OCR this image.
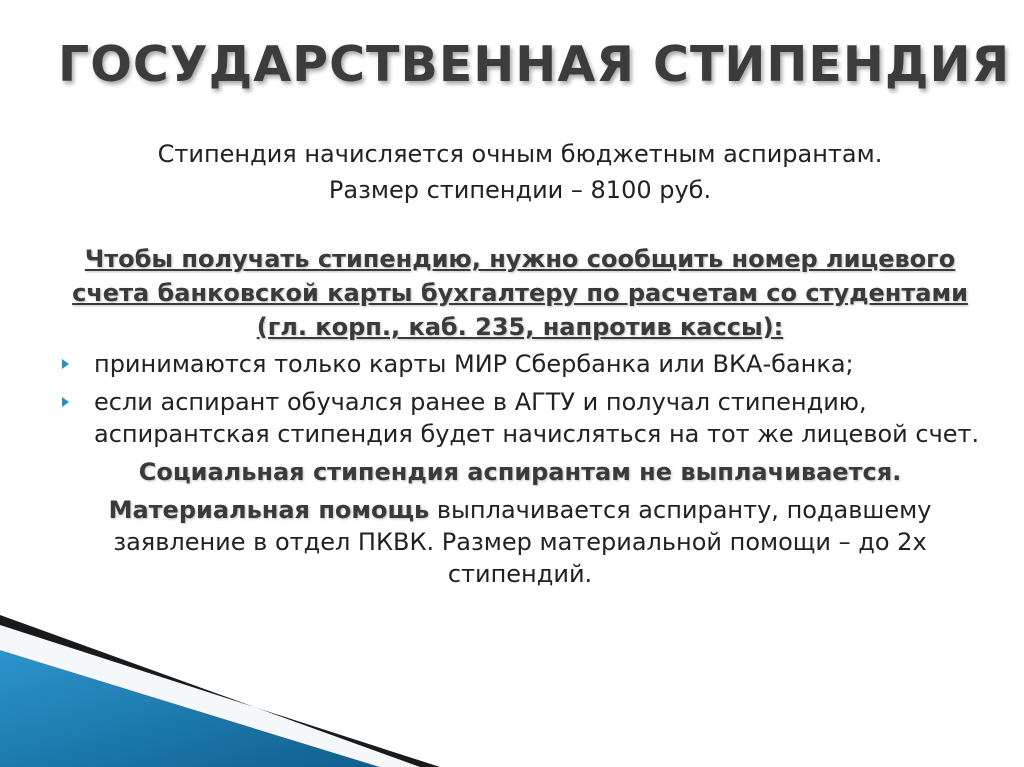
ГОСУДАРСТВЕННАЯ СТИПЕНДИЯ

Стипендия начисляется очным бюджетным аспирантам.

Размер стипендии – 8100 руб.

Чтобы получать стипендию, нужно сообщить номер лицевого счета банковской карты бухгалтеру по расчетам со студентами (гл. корп., каб. 235, напротив кассы):

принимаются только карты МИР Сбербанка или ВКА-банка;
если аспирант обучался ранее в АГТУ и получал стипендию, аспирантская стипендия будет начисляться на тот же лицевой счет.

Социальная стипендия аспирантам не выплачивается.

Материальная помощь выплачивается аспиранту, подавшему заявление в отдел ПКВК. Размер материальной помощи – до 2х стипендий.
